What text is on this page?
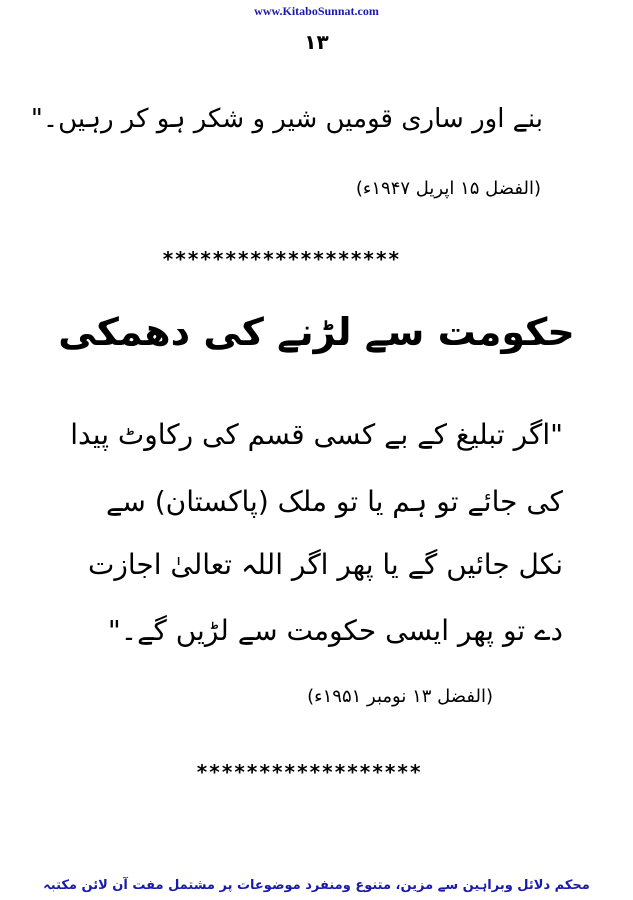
www.KitaboSunnat.com
١٣
بنے اور ساری قومیں شیر و شکر ہو کر رہیں۔"
(الفضل ۱۵ اپریل ۱۹۴۷ء)
*******************
حکومت سے لڑنے کی دھمکی
"اگر تبلیغ کے بے کسی قسم کی رکاوٹ پیدا
کی جائے تو ہم یا تو ملک (پاکستان) سے
نکل جائیں گے یا پھر اگر اللہ تعالیٰ اجازت
دے تو پھر ایسی حکومت سے لڑیں گے۔"
(الفضل ۱۳ نومبر ۱۹۵۱ء)
******************
محکم دلائل وبراہین سے مزین، متنوع ومنفرد موضوعات پر مشتمل مفت آن لائن مکتبہ
